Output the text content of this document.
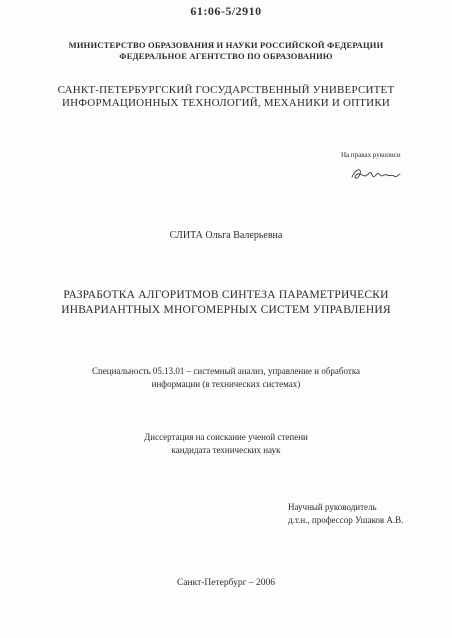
61:06-5/2910
МИНИСТЕРСТВО ОБРАЗОВАНИЯ И НАУКИ РОССИЙСКОЙ ФЕДЕРАЦИИ
ФЕДЕРАЛЬНОЕ АГЕНТСТВО ПО ОБРАЗОВАНИЮ
САНКТ-ПЕТЕРБУРГСКИЙ ГОСУДАРСТВЕННЫЙ УНИВЕРСИТЕТ
ИНФОРМАЦИОННЫХ ТЕХНОЛОГИЙ, МЕХАНИКИ И ОПТИКИ
На правах рукописи
СЛИТА Ольга Валерьевна
РАЗРАБОТКА АЛГОРИТМОВ СИНТЕЗА ПАРАМЕТРИЧЕСКИ
ИНВАРИАНТНЫХ МНОГОМЕРНЫХ СИСТЕМ УПРАВЛЕНИЯ
Специальность 05.13.01 – системный анализ, управление и обработка
информации (в технических системах)
Диссертация на соискание ученой степени
кандидата технических наук
Научный руководитель
д.т.н., профессор Ушаков А.В.
Санкт-Петербург – 2006
